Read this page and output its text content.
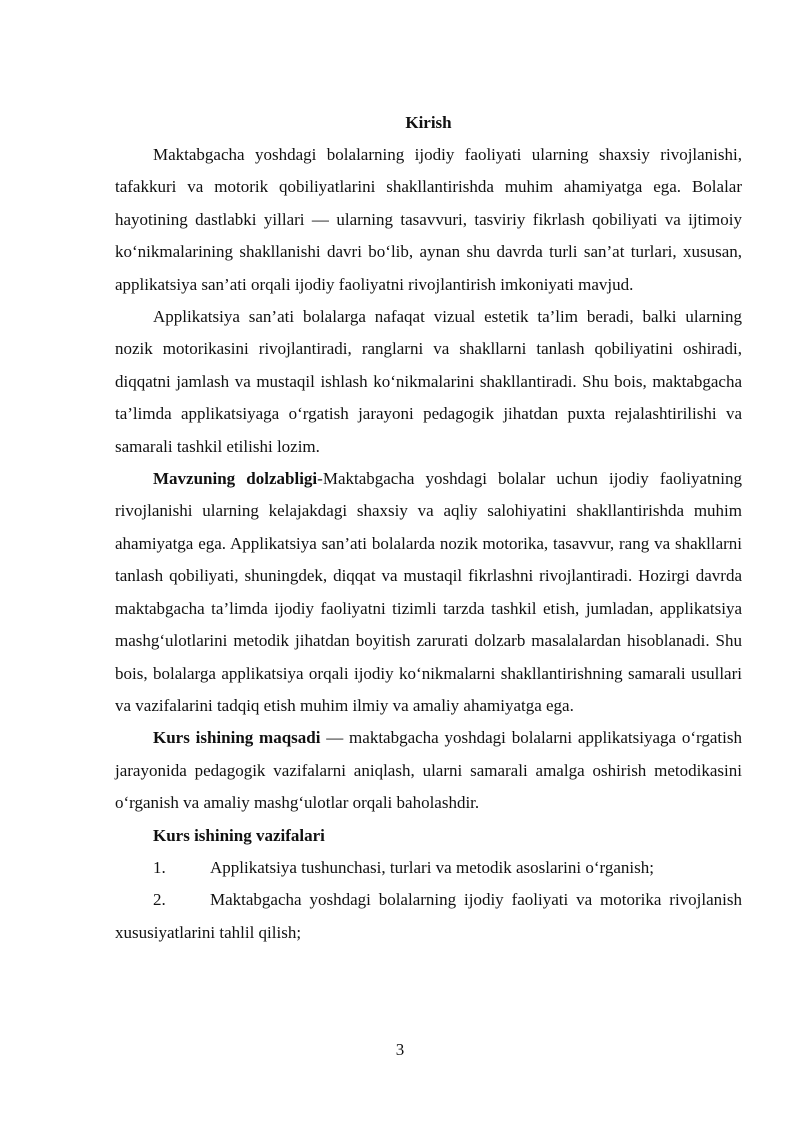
Kirish

Maktabgacha yoshdagi bolalarning ijodiy faoliyati ularning shaxsiy rivojlanishi, tafakkuri va motorik qobiliyatlarini shakllantirishda muhim ahamiyatga ega. Bolalar hayotining dastlabki yillari — ularning tasavvuri, tasviriy fikrlash qobiliyati va ijtimoiy koʻnikmalarining shakllanishi davri boʻlib, aynan shu davrda turli san’at turlari, xususan, applikatsiya san’ati orqali ijodiy faoliyatni rivojlantirish imkoniyati mavjud.

Applikatsiya san’ati bolalarga nafaqat vizual estetik ta’lim beradi, balki ularning nozik motorikasini rivojlantiradi, ranglarni va shakllarni tanlash qobiliyatini oshiradi, diqqatni jamlash va mustaqil ishlash koʻnikmalarini shakllantiradi. Shu bois, maktabgacha ta’limda applikatsiyaga oʻrgatish jarayoni pedagogik jihatdan puxta rejalashtirilishi va samarali tashkil etilishi lozim.

Mavzuning dolzabligi-Maktabgacha yoshdagi bolalar uchun ijodiy faoliyatning rivojlanishi ularning kelajakdagi shaxsiy va aqliy salohiyatini shakllantirishda muhim ahamiyatga ega. Applikatsiya san’ati bolalarda nozik motorika, tasavvur, rang va shakllarni tanlash qobiliyati, shuningdek, diqqat va mustaqil fikrlashni rivojlantiradi. Hozirgi davrda maktabgacha ta’limda ijodiy faoliyatni tizimli tarzda tashkil etish, jumladan, applikatsiya mashgʻulotlarini metodik jihatdan boyitish zarurati dolzarb masalalardan hisoblanadi. Shu bois, bolalarga applikatsiya orqali ijodiy koʻnikmalarni shakllantirishning samarali usullari va vazifalarini tadqiq etish muhim ilmiy va amaliy ahamiyatga ega.

Kurs ishining maqsadi — maktabgacha yoshdagi bolalarni applikatsiyaga oʻrgatish jarayonida pedagogik vazifalarni aniqlash, ularni samarali amalga oshirish metodikasini oʻrganish va amaliy mashgʻulotlar orqali baholashdir.

Kurs ishining vazifalari

1.	Applikatsiya tushunchasi, turlari va metodik asoslarini oʻrganish;

2.	Maktabgacha yoshdagi bolalarning ijodiy faoliyati va motorika rivojlanish xususiyatlarini tahlil qilish;

3
